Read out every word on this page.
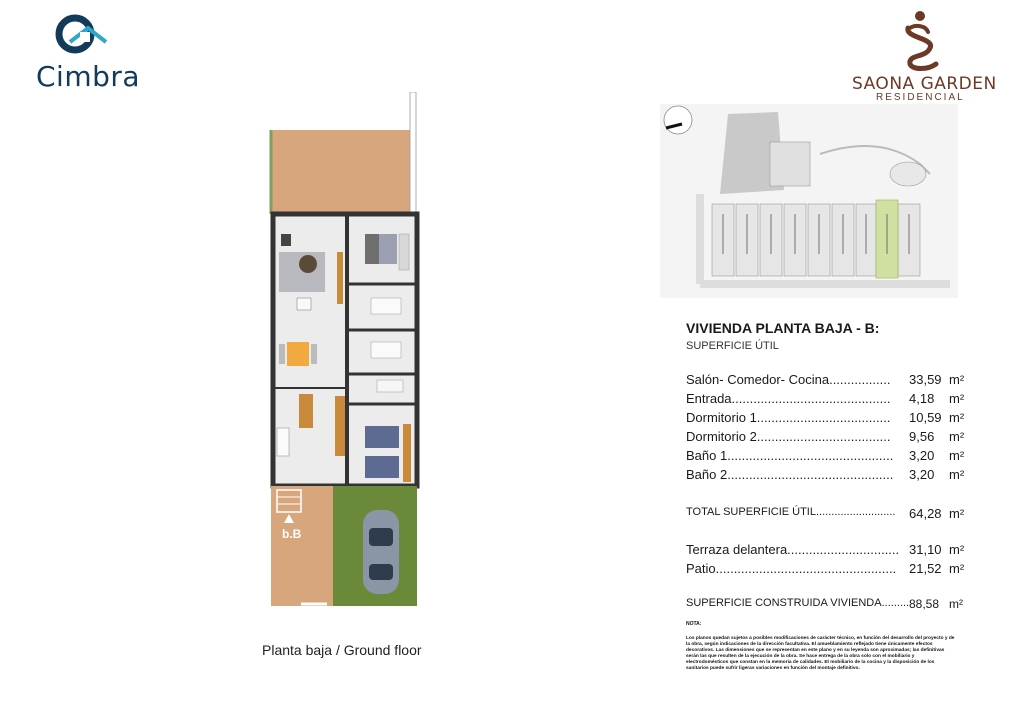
Cimbra	SAONA GARDEN
RESIDENCIAL
b.B
Planta baja / Ground floor
VIVIENDA PLANTA BAJA - B:
SUPERFICIE ÚTIL
Salón- Comedor- Cocina................. 33,59 m²
Entrada............................................ 4,18 m²
Dormitorio 1..................................... 10,59 m²
Dormitorio 2..................................... 9,56 m²
Baño 1.............................................. 3,20 m²
Baño 2.............................................. 3,20 m²
TOTAL SUPERFICIE ÚTIL.......................... 64,28 m²
Terraza delantera............................... 31,10 m²
Patio.................................................. 21,52 m²
SUPERFICIE CONSTRUIDA VIVIENDA......... 88,58 m²
NOTA:
Los planos quedan sujetos a posibles modificaciones de carácter técnico, en función del desarrollo del proyecto y de la obra, según indicaciones de la dirección facultativa. El amueblamiento reflejado tiene únicamente efectos decorativos. Las dimensiones que se representan en este plano y en su leyenda son aproximadas; las definitivas serán las que resulten de la ejecución de la obra. Se hace entrega de la obra solo con el mobiliario y electrodomésticos que constan en la memoria de calidades. El mobiliario de la cocina y la disposición de los sanitarios puede sufrir ligeras variaciones en función del montaje definitivo.
